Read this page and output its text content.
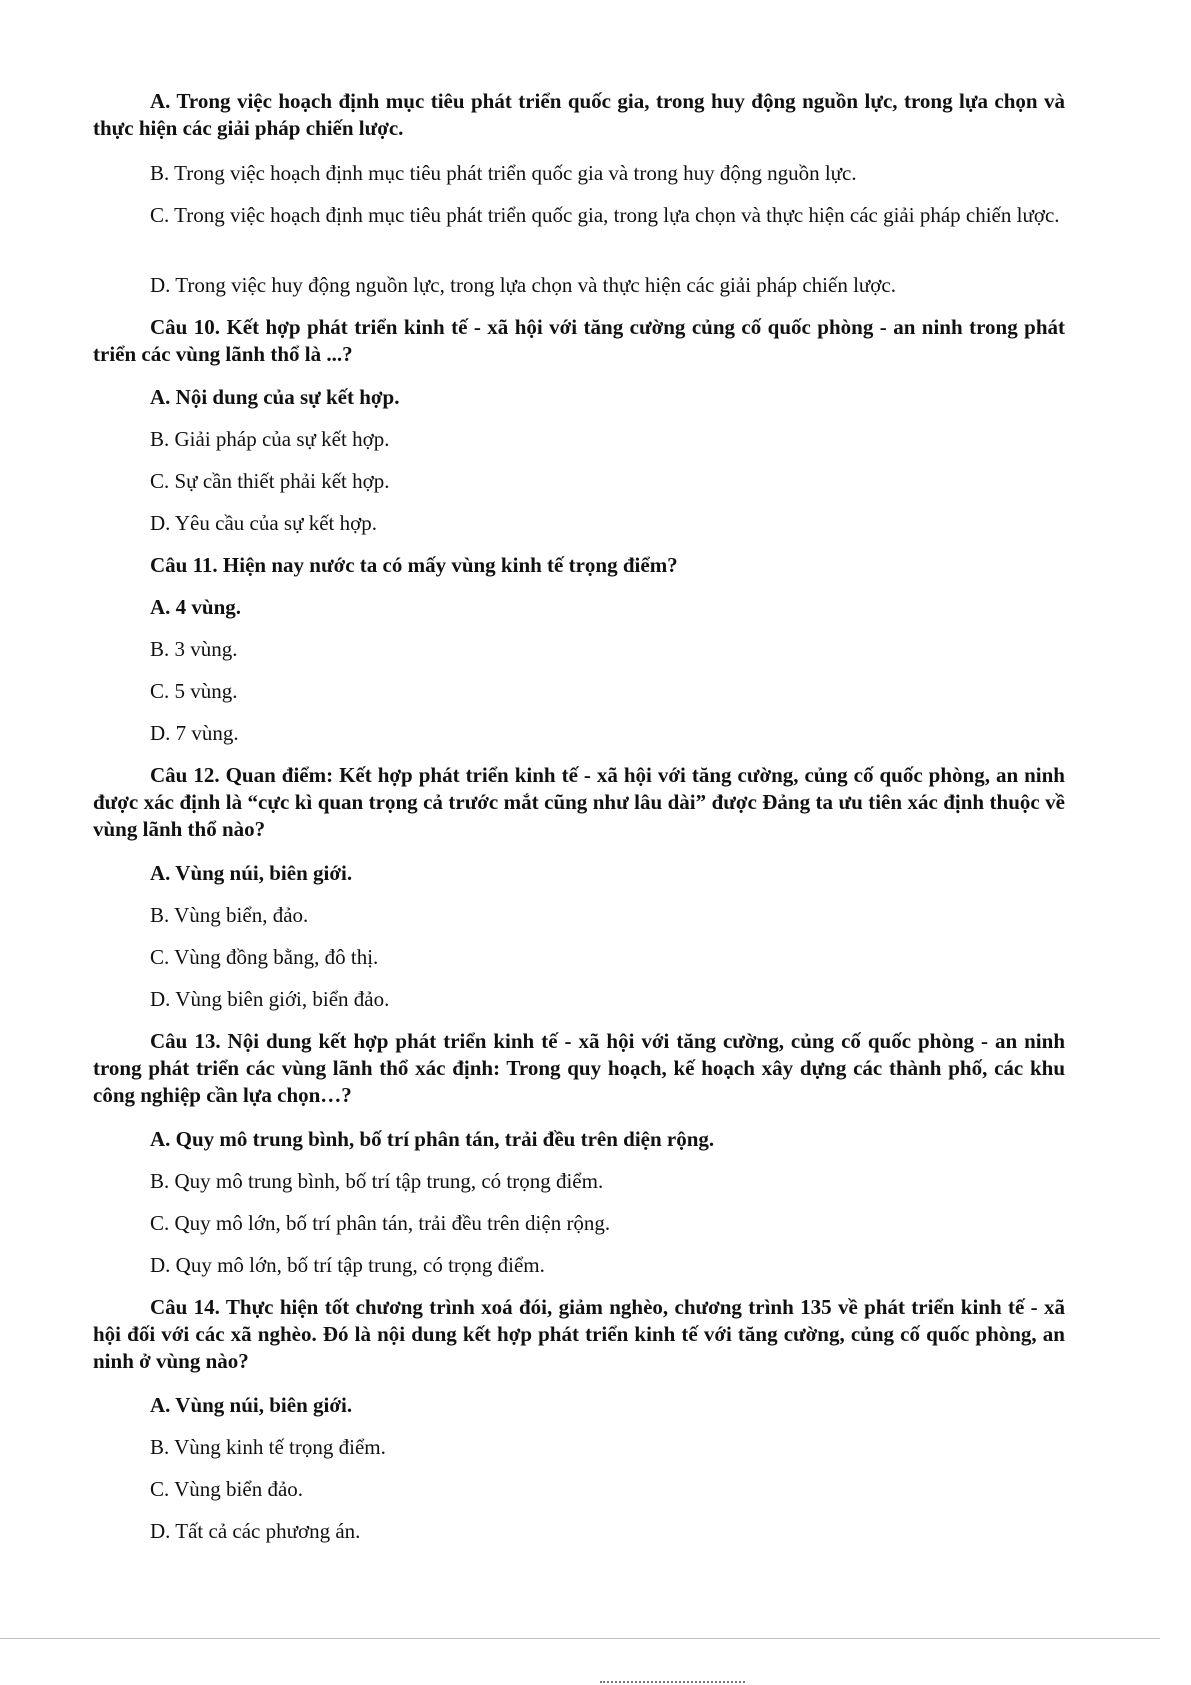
A. Trong việc hoạch định mục tiêu phát triển quốc gia, trong huy động nguồn lực, trong lựa chọn và thực hiện các giải pháp chiến lược.
B. Trong việc hoạch định mục tiêu phát triển quốc gia và trong huy động nguồn lực.
C. Trong việc hoạch định mục tiêu phát triển quốc gia, trong lựa chọn và thực hiện các giải pháp chiến lược.
D. Trong việc huy động nguồn lực, trong lựa chọn và thực hiện các giải pháp chiến lược.
Câu 10. Kết hợp phát triển kinh tế - xã hội với tăng cường củng cố quốc phòng - an ninh trong phát triển các vùng lãnh thổ là ...?
A. Nội dung của sự kết hợp.
B. Giải pháp của sự kết hợp.
C. Sự cần thiết phải kết hợp.
D. Yêu cầu của sự kết hợp.
Câu 11. Hiện nay nước ta có mấy vùng kinh tế trọng điểm?
A. 4 vùng.
B. 3 vùng.
C. 5 vùng.
D. 7 vùng.
Câu 12. Quan điểm: Kết hợp phát triển kinh tế - xã hội với tăng cường, củng cố quốc phòng, an ninh được xác định là “cực kì quan trọng cả trước mắt cũng như lâu dài” được Đảng ta ưu tiên xác định thuộc về vùng lãnh thổ nào?
A. Vùng núi, biên giới.
B. Vùng biển, đảo.
C. Vùng đồng bằng, đô thị.
D. Vùng biên giới, biển đảo.
Câu 13. Nội dung kết hợp phát triển kinh tế - xã hội với tăng cường, củng cố quốc phòng - an ninh trong phát triển các vùng lãnh thổ xác định: Trong quy hoạch, kế hoạch xây dựng các thành phố, các khu công nghiệp cần lựa chọn…?
A. Quy mô trung bình, bố trí phân tán, trải đều trên diện rộng.
B. Quy mô trung bình, bố trí tập trung, có trọng điểm.
C. Quy mô lớn, bố trí phân tán, trải đều trên diện rộng.
D. Quy mô lớn, bố trí tập trung, có trọng điểm.
Câu 14. Thực hiện tốt chương trình xoá đói, giảm nghèo, chương trình 135 về phát triển kinh tế - xã hội đối với các xã nghèo. Đó là nội dung kết hợp phát triển kinh tế với tăng cường, củng cố quốc phòng, an ninh ở vùng nào?
A. Vùng núi, biên giới.
B. Vùng kinh tế trọng điểm.
C. Vùng biển đảo.
D. Tất cả các phương án.
